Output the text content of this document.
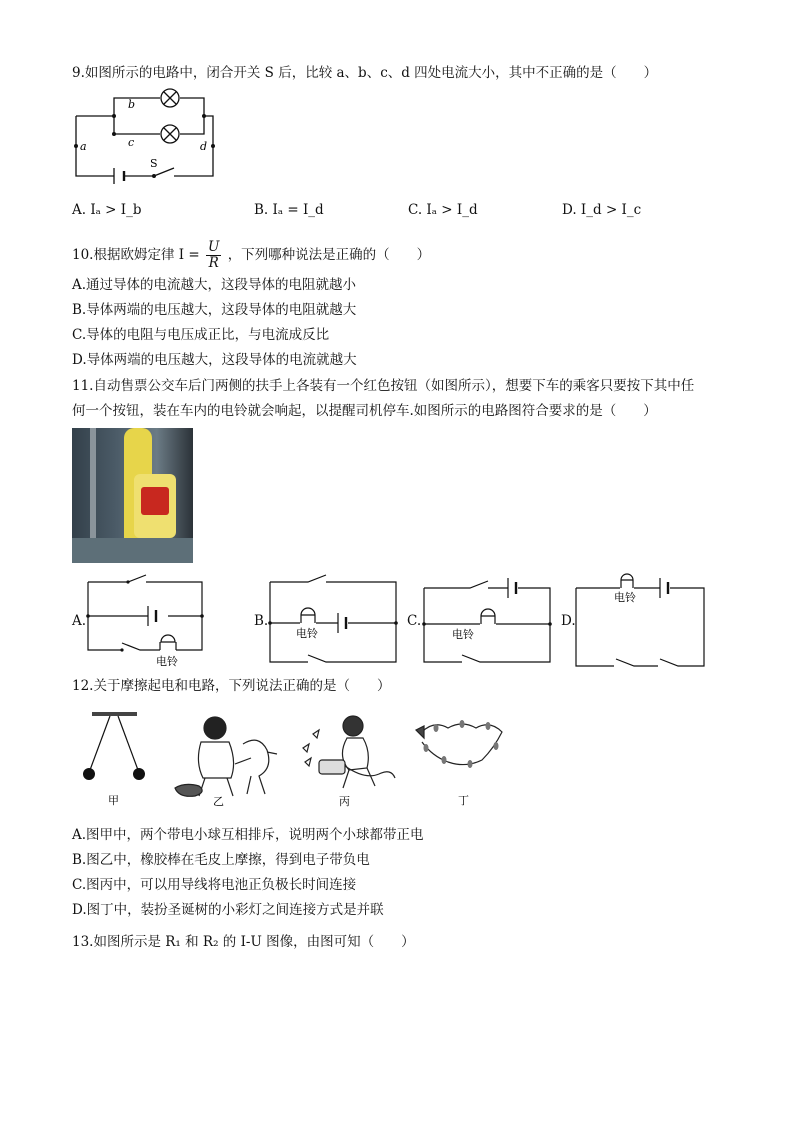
9.如图所示的电路中，闭合开关 S 后，比较 a、b、c、d 四处电流大小，其中不正确的是（　　）
a
b
c	d
S
A. Iₐ > I_b	B. Iₐ = I_d	C. Iₐ > I_d	D. I_d > I_c
10.根据欧姆定律 $I = \frac{U}{R}$ ，下列哪种说法是正确的（　　）
A.通过导体的电流越大，这段导体的电阻就越小
B.导体两端的电压越大，这段导体的电阻就越大
C.导体的电阻与电压成正比，与电流成反比
D.导体两端的电压越大，这段导体的电流就越大
11.自动售票公交车后门两侧的扶手上各装有一个红色按钮（如图所示），想要下车的乘客只要按下其中任
何一个按钮，装在车内的电铃就会响起，以提醒司机停车.如图所示的电路图符合要求的是（　　）
A.
电铃
B.
电铃
C.
电铃
D.
电铃
12.关于摩擦起电和电路，下列说法正确的是（　　）
甲	乙	丙	丁
A.图甲中，两个带电小球互相排斥，说明两个小球都带正电
B.图乙中，橡胶棒在毛皮上摩擦，得到电子带负电
C.图丙中，可以用导线将电池正负极长时间连接
D.图丁中，装扮圣诞树的小彩灯之间连接方式是并联
13.如图所示是 R₁ 和 R₂ 的 I-U 图像，由图可知（　　）
